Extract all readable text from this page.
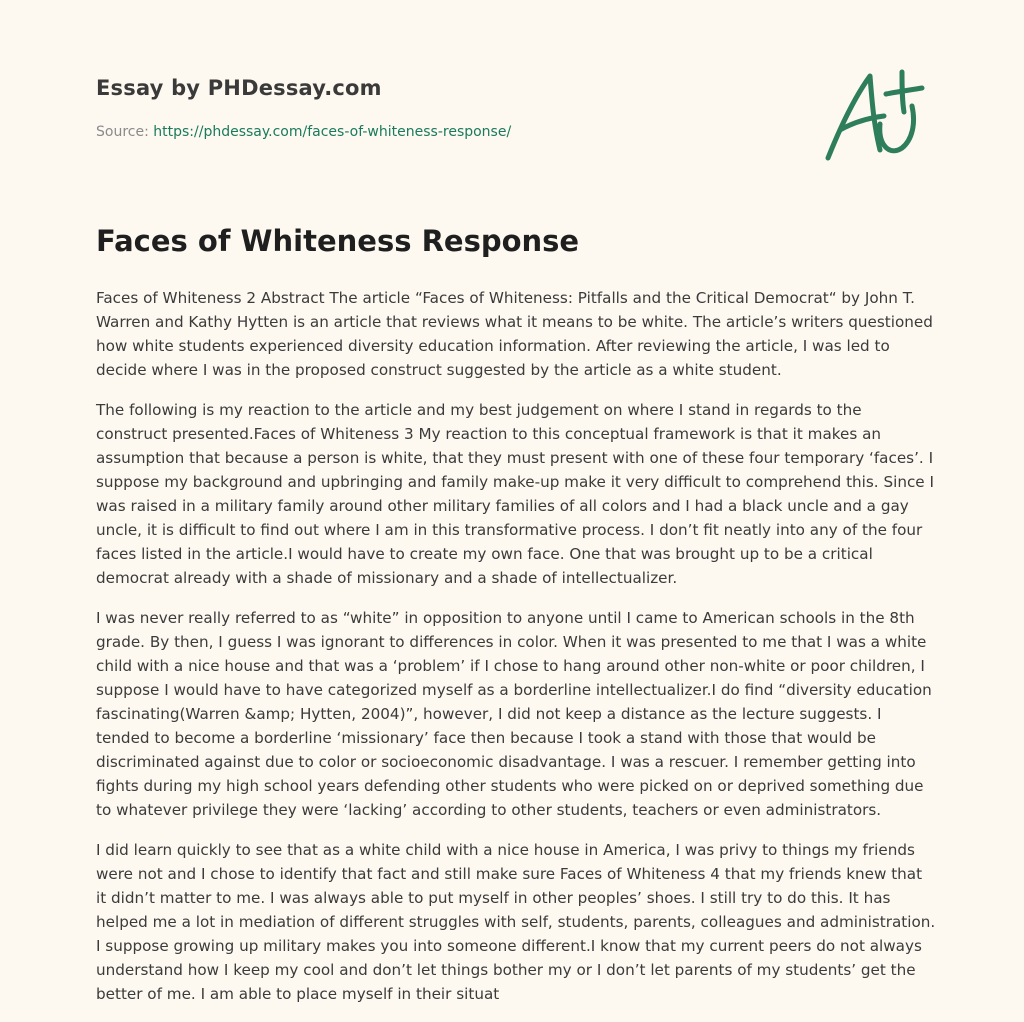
Essay by PHDessay.com
Source: https://phdessay.com/faces-of-whiteness-response/
Faces of Whiteness Response

Faces of Whiteness 2 Abstract The article “Faces of Whiteness: Pitfalls and the Critical Democrat“ by John T. Warren and Kathy Hytten is an article that reviews what it means to be white. The article’s writers questioned how white students experienced diversity education information. After reviewing the article, I was led to decide where I was in the proposed construct suggested by the article as a white student.

The following is my reaction to the article and my best judgement on where I stand in regards to the construct presented.Faces of Whiteness 3 My reaction to this conceptual framework is that it makes an assumption that because a person is white, that they must present with one of these four temporary ‘faces’. I suppose my background and upbringing and family make-up make it very difficult to comprehend this. Since I was raised in a military family around other military families of all colors and I had a black uncle and a gay uncle, it is difficult to find out where I am in this transformative process. I don’t fit neatly into any of the four faces listed in the article.I would have to create my own face. One that was brought up to be a critical democrat already with a shade of missionary and a shade of intellectualizer.

I was never really referred to as “white” in opposition to anyone until I came to American schools in the 8th grade. By then, I guess I was ignorant to differences in color. When it was presented to me that I was a white child with a nice house and that was a ‘problem’ if I chose to hang around other non-white or poor children, I suppose I would have to have categorized myself as a borderline intellectualizer.I do find “diversity education fascinating(Warren &amp; Hytten, 2004)”, however, I did not keep a distance as the lecture suggests. I tended to become a borderline ‘missionary’ face then because I took a stand with those that would be discriminated against due to color or socioeconomic disadvantage. I was a rescuer. I remember getting into fights during my high school years defending other students who were picked on or deprived something due to whatever privilege they were ‘lacking’ according to other students, teachers or even administrators.

I did learn quickly to see that as a white child with a nice house in America, I was privy to things my friends were not and I chose to identify that fact and still make sure Faces of Whiteness 4 that my friends knew that it didn’t matter to me. I was always able to put myself in other peoples’ shoes. I still try to do this. It has helped me a lot in mediation of different struggles with self, students, parents, colleagues and administration. I suppose growing up military makes you into someone different.I know that my current peers do not always understand how I keep my cool and don’t let things bother my or I don’t let parents of my students’ get the better of me. I am able to place myself in their situat
